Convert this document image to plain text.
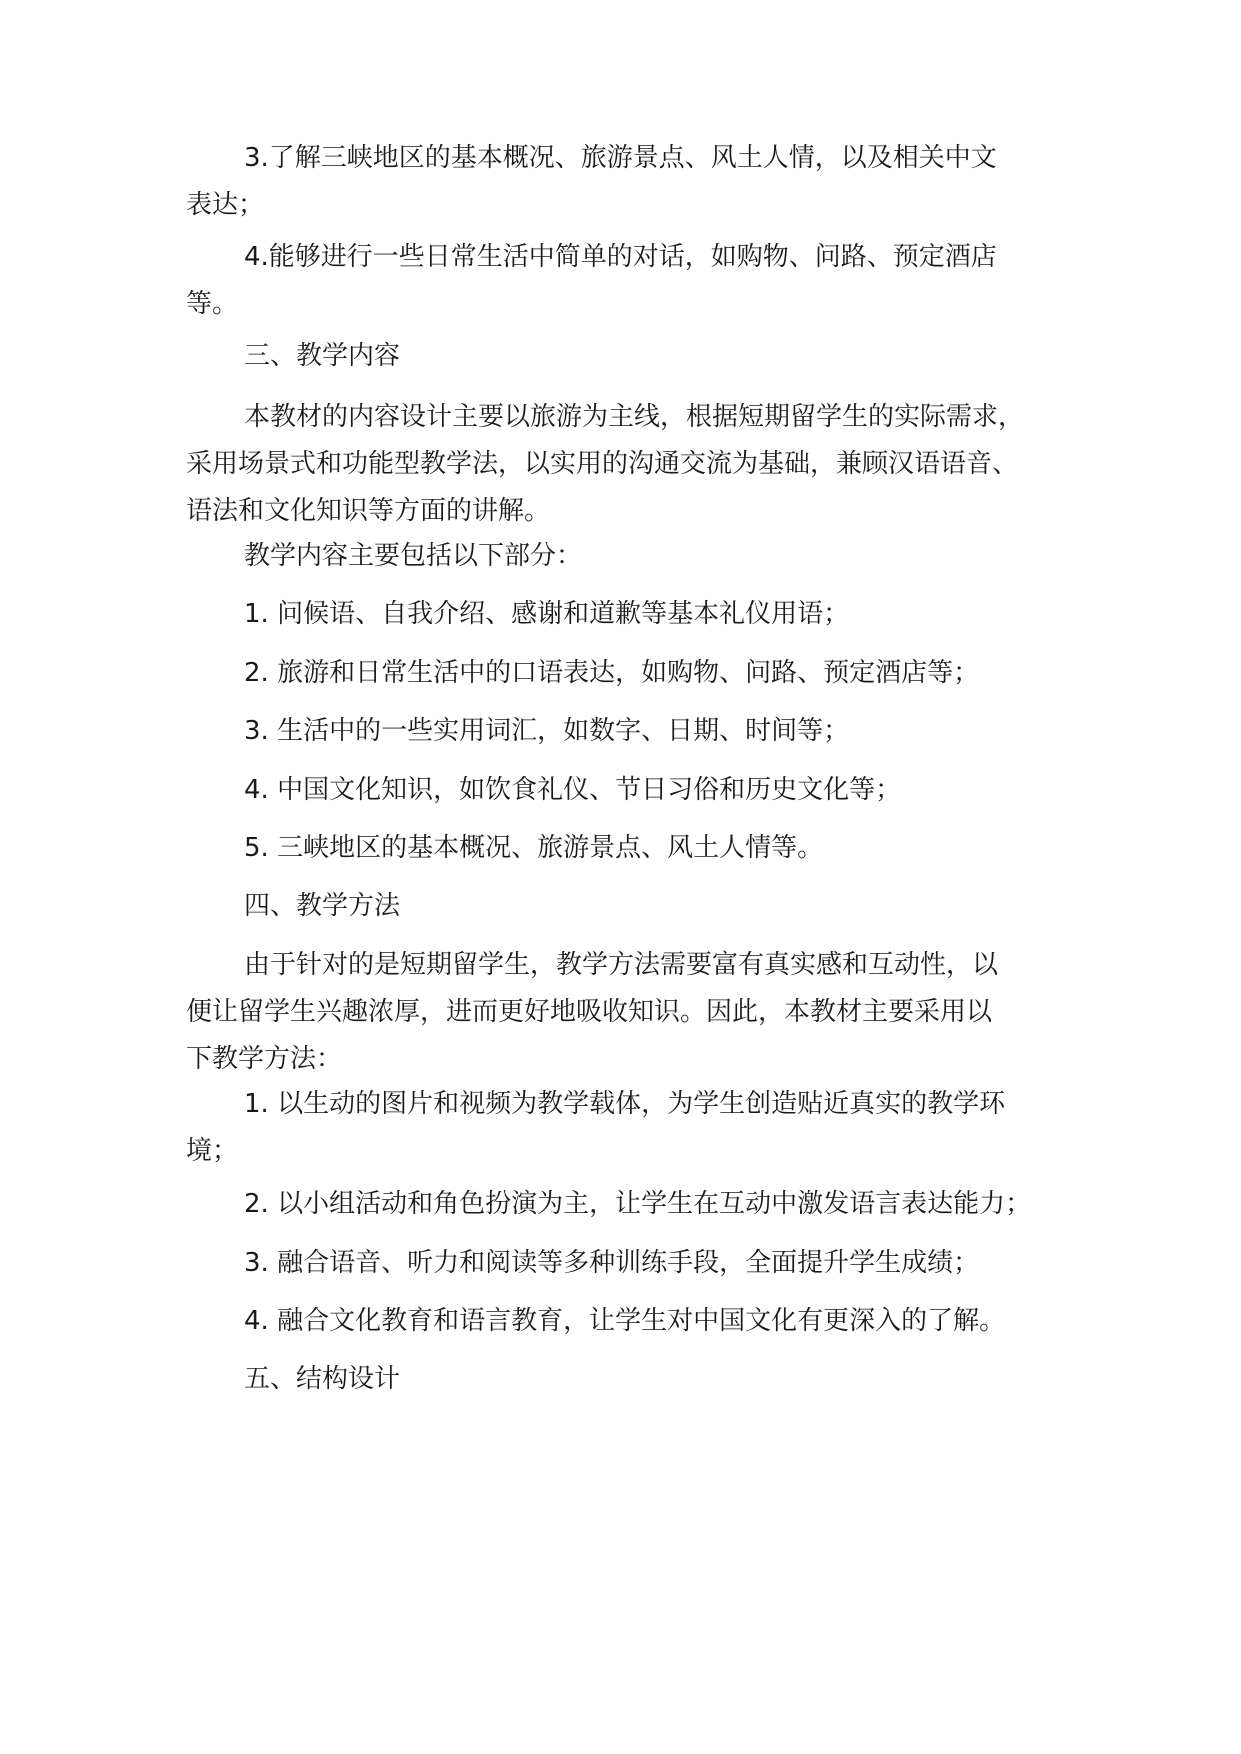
3.了解三峡地区的基本概况、旅游景点、风土人情，以及相关中文
表达；
4.能够进行一些日常生活中简单的对话，如购物、问路、预定酒店
等。
三、教学内容
本教材的内容设计主要以旅游为主线，根据短期留学生的实际需求，
采用场景式和功能型教学法，以实用的沟通交流为基础，兼顾汉语语音、
语法和文化知识等方面的讲解。
教学内容主要包括以下部分：
1. 问候语、自我介绍、感谢和道歉等基本礼仪用语；
2. 旅游和日常生活中的口语表达，如购物、问路、预定酒店等；
3. 生活中的一些实用词汇，如数字、日期、时间等；
4. 中国文化知识，如饮食礼仪、节日习俗和历史文化等；
5. 三峡地区的基本概况、旅游景点、风土人情等。
四、教学方法
由于针对的是短期留学生，教学方法需要富有真实感和互动性，以
便让留学生兴趣浓厚，进而更好地吸收知识。因此，本教材主要采用以
下教学方法：
1. 以生动的图片和视频为教学载体，为学生创造贴近真实的教学环
境；
2. 以小组活动和角色扮演为主，让学生在互动中激发语言表达能力；
3. 融合语音、听力和阅读等多种训练手段，全面提升学生成绩；
4. 融合文化教育和语言教育，让学生对中国文化有更深入的了解。
五、结构设计
